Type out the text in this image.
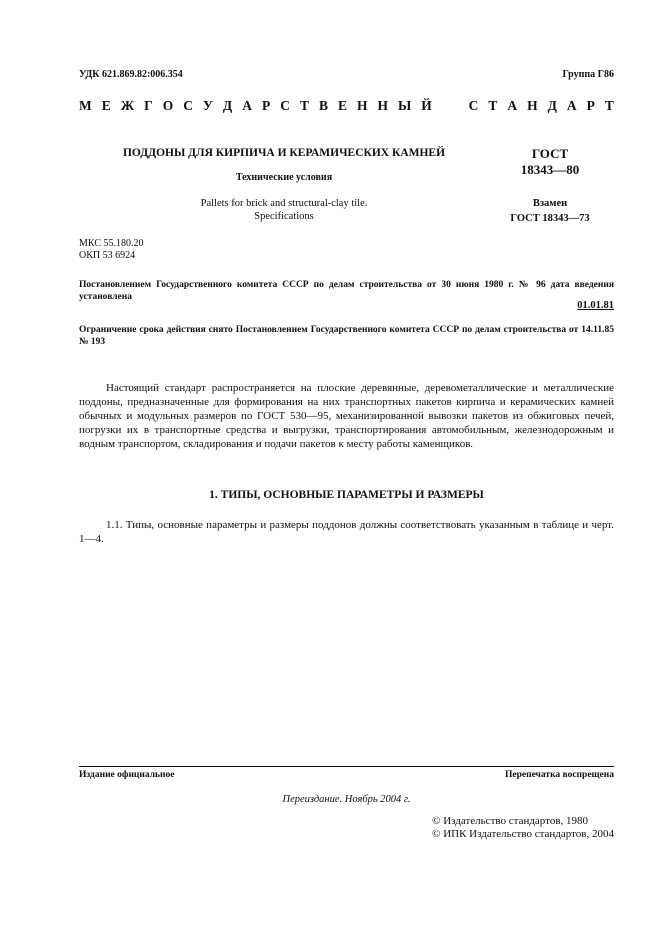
УДК 621.869.82:006.354	Группа Г86
М Е Ж Г О С У Д А Р С Т В Е Н Н Ы Й

	С Т А Н Д А Р Т
ПОДДОНЫ ДЛЯ КИРПИЧА И КЕРАМИЧЕСКИХ КАМНЕЙ
Технические условия
Pallets for brick and structural-clay tile.
Specifications
ГОСТ
18343—80
Взамен
ГОСТ 18343—73
МКС 55.180.20
ОКП 53 6924
Постановлением Государственного комитета СССР по делам строительства от 30 июня 1980 г. № 96 дата введения установлена
01.01.81
Ограничение срока действия снято Постановлением Государственного комитета СССР по делам строительства от 14.11.85 № 193
Настоящий стандарт распространяется на плоские деревянные, деревометаллические и металлические поддоны, предназначенные для формирования на них транспортных пакетов кирпича и керамических камней обычных и модульных размеров по ГОСТ 530—95, механизированной вывозки пакетов из обжиговых печей, погрузки их в транспортные средства и выгрузки, транспортирования автомобильным, железнодорожным и водным транспортом, складирования и подачи пакетов к месту работы каменщиков.
1. ТИПЫ, ОСНОВНЫЕ ПАРАМЕТРЫ И РАЗМЕРЫ
1.1. Типы, основные параметры и размеры поддонов должны соответствовать указанным в таблице и черт. 1—4.
Издание официальное	Перепечатка воспрещена
Переиздание. Ноябрь 2004 г.
© Издательство стандартов, 1980
© ИПК Издательство стандартов, 2004
